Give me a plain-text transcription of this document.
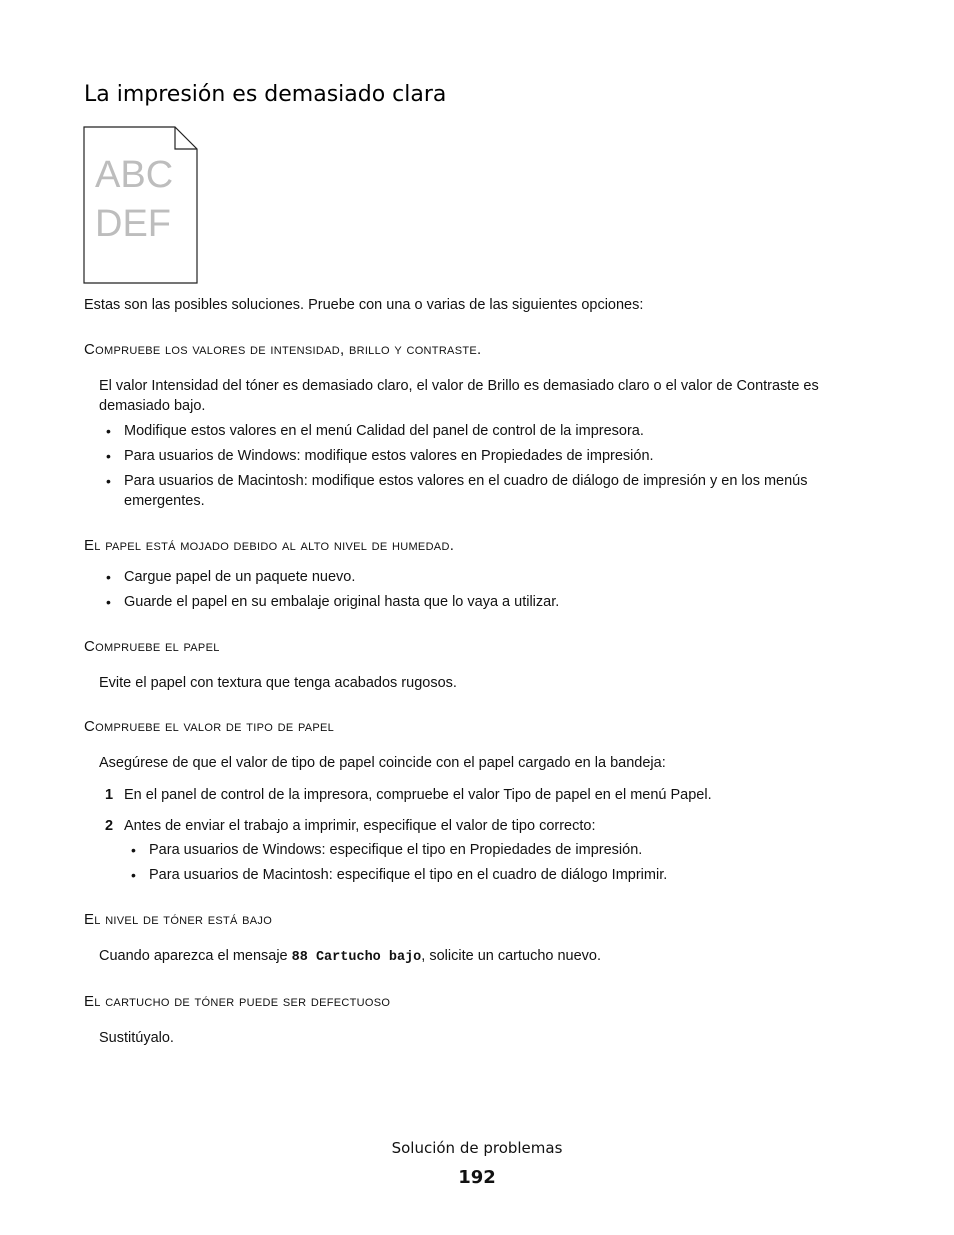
La impresión es demasiado clara
ABC
DEF
Estas son las posibles soluciones. Pruebe con una o varias de las siguientes opciones:
Compruebe los valores de intensidad, brillo y contraste.
El valor Intensidad del tóner es demasiado claro, el valor de Brillo es demasiado claro o el valor de Contraste es demasiado bajo.
• Modifique estos valores en el menú Calidad del panel de control de la impresora.
• Para usuarios de Windows: modifique estos valores en Propiedades de impresión.
• Para usuarios de Macintosh: modifique estos valores en el cuadro de diálogo de impresión y en los menús emergentes.
El papel está mojado debido al alto nivel de humedad.
• Cargue papel de un paquete nuevo.
• Guarde el papel en su embalaje original hasta que lo vaya a utilizar.
Compruebe el papel
Evite el papel con textura que tenga acabados rugosos.
Compruebe el valor de tipo de papel
Asegúrese de que el valor de tipo de papel coincide con el papel cargado en la bandeja:
1 En el panel de control de la impresora, compruebe el valor Tipo de papel en el menú Papel.
2 Antes de enviar el trabajo a imprimir, especifique el valor de tipo correcto:
• Para usuarios de Windows: especifique el tipo en Propiedades de impresión.
• Para usuarios de Macintosh: especifique el tipo en el cuadro de diálogo Imprimir.
El nivel de tóner está bajo
Cuando aparezca el mensaje 88 Cartucho bajo, solicite un cartucho nuevo.
El cartucho de tóner puede ser defectuoso
Sustitúyalo.
Solución de problemas
192
